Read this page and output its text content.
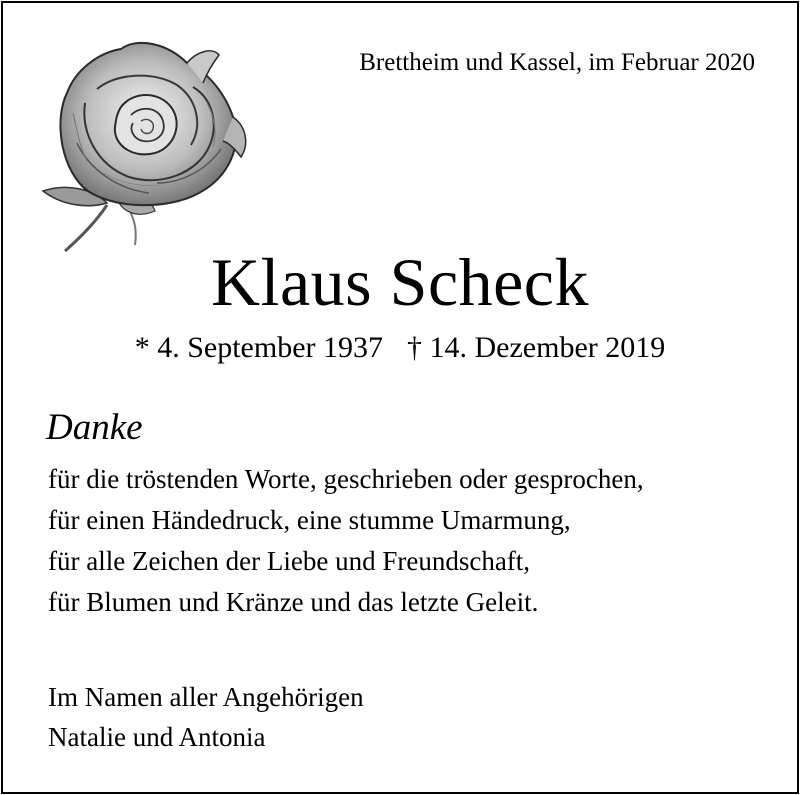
Brettheim und Kassel, im Februar 2020
Klaus Scheck
* 4. September 1937 † 14. Dezember 2019
Danke
für die tröstenden Worte, geschrieben oder gesprochen,
für einen Händedruck, eine stumme Umarmung,
für alle Zeichen der Liebe und Freundschaft,
für Blumen und Kränze und das letzte Geleit.
Im Namen aller Angehörigen
Natalie und Antonia
